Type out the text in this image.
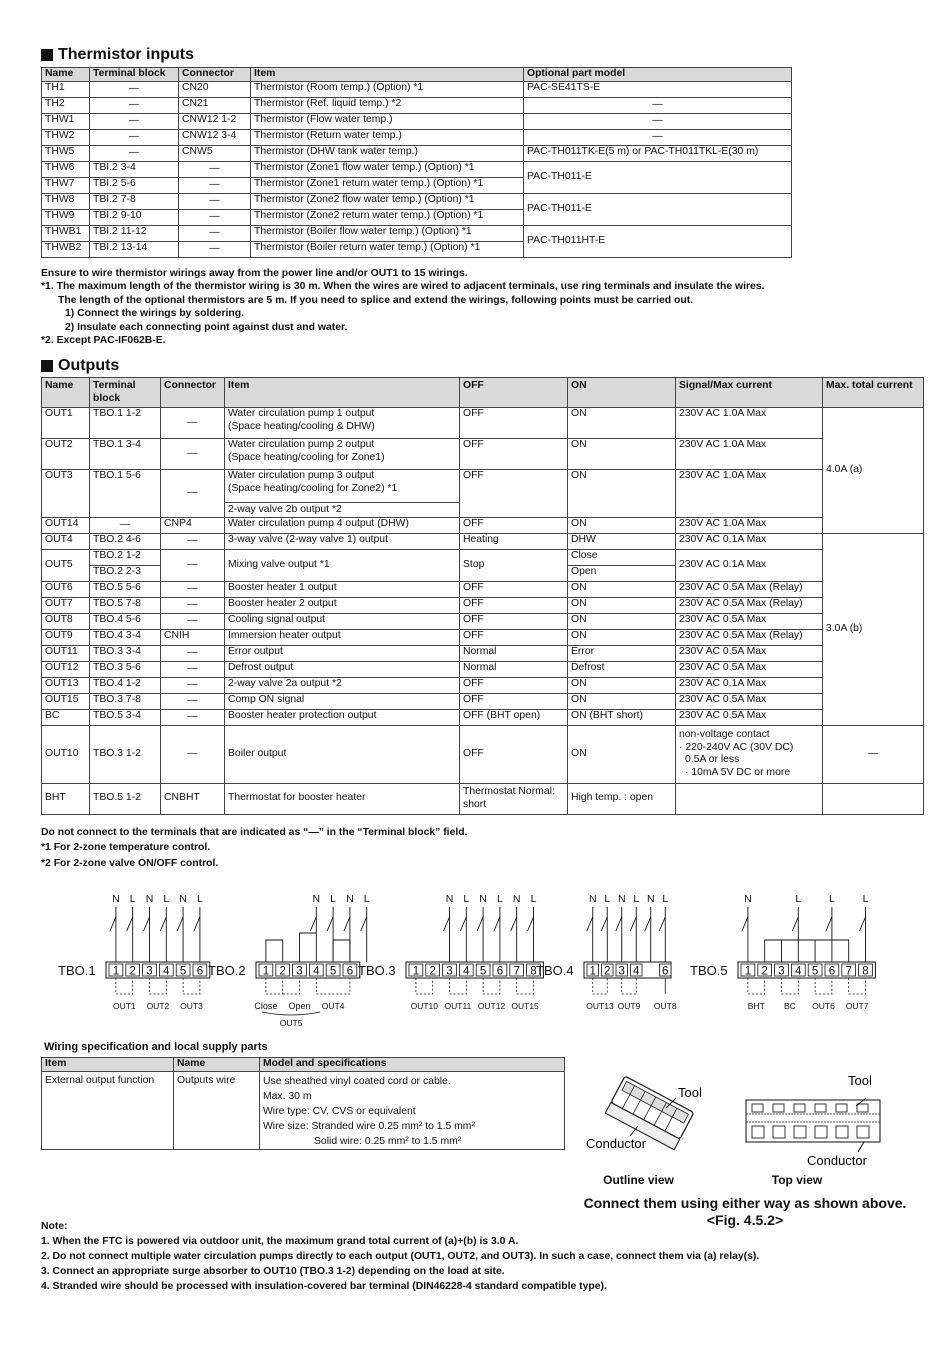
Thermistor inputs
Name	Terminal block	Connector	Item	Optional part model
TH1	—	CN20	Thermistor (Room temp.) (Option) *1	PAC-SE41TS-E
TH2	—	CN21	Thermistor (Ref. liquid temp.) *2	—
THW1	—	CNW12 1-2	Thermistor (Flow water temp.)	—
THW2	—	CNW12 3-4	Thermistor (Return water temp.)	—
THW5	—	CNW5	Thermistor (DHW tank water temp.)	PAC-TH011TK-E(5 m) or PAC-TH011TKL-E(30 m)
THW6	TBI.2 3-4	—	Thermistor (Zone1 flow water temp.) (Option) *1	PAC-TH011-E
THW7	TBI.2 5-6	—	Thermistor (Zone1 return water temp.) (Option) *1	
THW8	TBI.2 7-8	—	Thermistor (Zone2 flow water temp.) (Option) *1	PAC-TH011-E
THW9	TBI.2 9-10	—	Thermistor (Zone2 return water temp.) (Option) *1	
THWB1	TBI.2 11-12	—	Thermistor (Boiler flow water temp.) (Option) *1	PAC-TH011HT-E
THWB2	TBI.2 13-14	—	Thermistor (Boiler return water temp.) (Option) *1	
Ensure to wire thermistor wirings away from the power line and/or OUT1 to 15 wirings.
*1. The maximum length of the thermistor wiring is 30 m. When the wires are wired to adjacent terminals, use ring terminals and insulate the wires.
The length of the optional thermistors are 5 m. If you need to splice and extend the wirings, following points must be carried out.
1) Connect the wirings by soldering.
2) Insulate each connecting point against dust and water.
*2. Except PAC-IF062B-E.
Outputs
Name	Terminal block	Connector	Item	OFF	ON	Signal/Max current	Max. total current
OUT1	TBO.1 1-2	—	Water circulation pump 1 output
(Space heating/cooling & DHW)	OFF	ON	230V AC 1.0A Max	4.0A (a)
OUT2	TBO.1 3-4	—	Water circulation pump 2 output
(Space heating/cooling for Zone1)	OFF	ON	230V AC 1.0A Max	
OUT3	TBO.1 5-6	—	Water circulation pump 3 output
(Space heating/cooling for Zone2) *1
2-way valve 2b output *2	OFF	ON	230V AC 1.0A Max	
OUT14	—	CNP4	Water circulation pump 4 output (DHW)	OFF	ON	230V AC 1.0A Max	
OUT4	TBO.2 4-6	—	3-way valve (2-way valve 1) output	Heating	DHW	230V AC 0.1A Max	3.0A (b)
OUT5	TBO.2 1-2	—	Mixing valve output *1	Stop	Close	230V AC 0.1A Max	
	TBO.2 2-3				Open		
OUT6	TBO.5 5-6	—	Booster heater 1 output	OFF	ON	230V AC 0.5A Max (Relay)	
OUT7	TBO.5 7-8	—	Booster heater 2 output	OFF	ON	230V AC 0.5A Max (Relay)	
OUT8	TBO.4 5-6	—	Cooling signal output	OFF	ON	230V AC 0.5A Max	
OUT9	TBO.4 3-4	CNIH	Immersion heater output	OFF	ON	230V AC 0.5A Max (Relay)	
OUT11	TBO.3 3-4	—	Error output	Normal	Error	230V AC 0.5A Max	
OUT12	TBO.3 5-6	—	Defrost output	Normal	Defrost	230V AC 0.5A Max	
OUT13	TBO.4 1-2	—	2-way valve 2a output *2	OFF	ON	230V AC 0.1A Max	
OUT15	TBO.3 7-8	—	Comp ON signal	OFF	ON	230V AC 0.5A Max	
BC	TBO.5 3-4	—	Booster heater protection output	OFF (BHT open)	ON (BHT short)	230V AC 0.5A Max	
OUT10	TBO.3 1-2	—	Boiler output	OFF	ON	non-voltage contact
· 220-240V AC (30V DC)
0.5A or less
· 10mA 5V DC or more	—
BHT	TBO.5 1-2	CNBHT	Thermostat for booster heater	Thermostat Normal:
short	High temp. : open		
Do not connect to the terminals that are indicated as “—” in the “Terminal block” field.
*1 For 2-zone temperature control.
*2 For 2-zone valve ON/OFF control.
TBO.1 1 2 3 4 5 6
N L N L N L
OUT1 OUT2 OUT3
TBO.2 1 2 3 4 5 6
N L N L
Close Open OUT4
OUT5
TBO.3 1 2 3 4 5 6 7 8
N L N L N L
OUT10 OUT11 OUT12 OUT15
TBO.4 1 2 3 4 6
N L N L N L
OUT13 OUT9 OUT8
TBO.5 1 2 3 4 5 6 7 8
N	L	L	L
BHT BC OUT6 OUT7
Wiring specification and local supply parts
Item	Name	Model and specifications
External output function	Outputs wire	Use sheathed vinyl coated cord or cable.
Max. 30 m
Wire type: CV, CVS or equivalent
Wire size: Stranded wire 0.25 mm² to 1.5 mm²
Solid wire: 0.25 mm² to 1.5 mm²
Tool
Conductor
Tool
Conductor
Outline view	Top view
Connect them using either way as shown above.
<Fig. 4.5.2>
Note:
1. When the FTC is powered via outdoor unit, the maximum grand total current of (a)+(b) is 3.0 A.
2. Do not connect multiple water circulation pumps directly to each output (OUT1, OUT2, and OUT3). In such a case, connect them via (a) relay(s).
3. Connect an appropriate surge absorber to OUT10 (TBO.3 1-2) depending on the load at site.
4. Stranded wire should be processed with insulation-covered bar terminal (DIN46228-4 standard compatible type).
